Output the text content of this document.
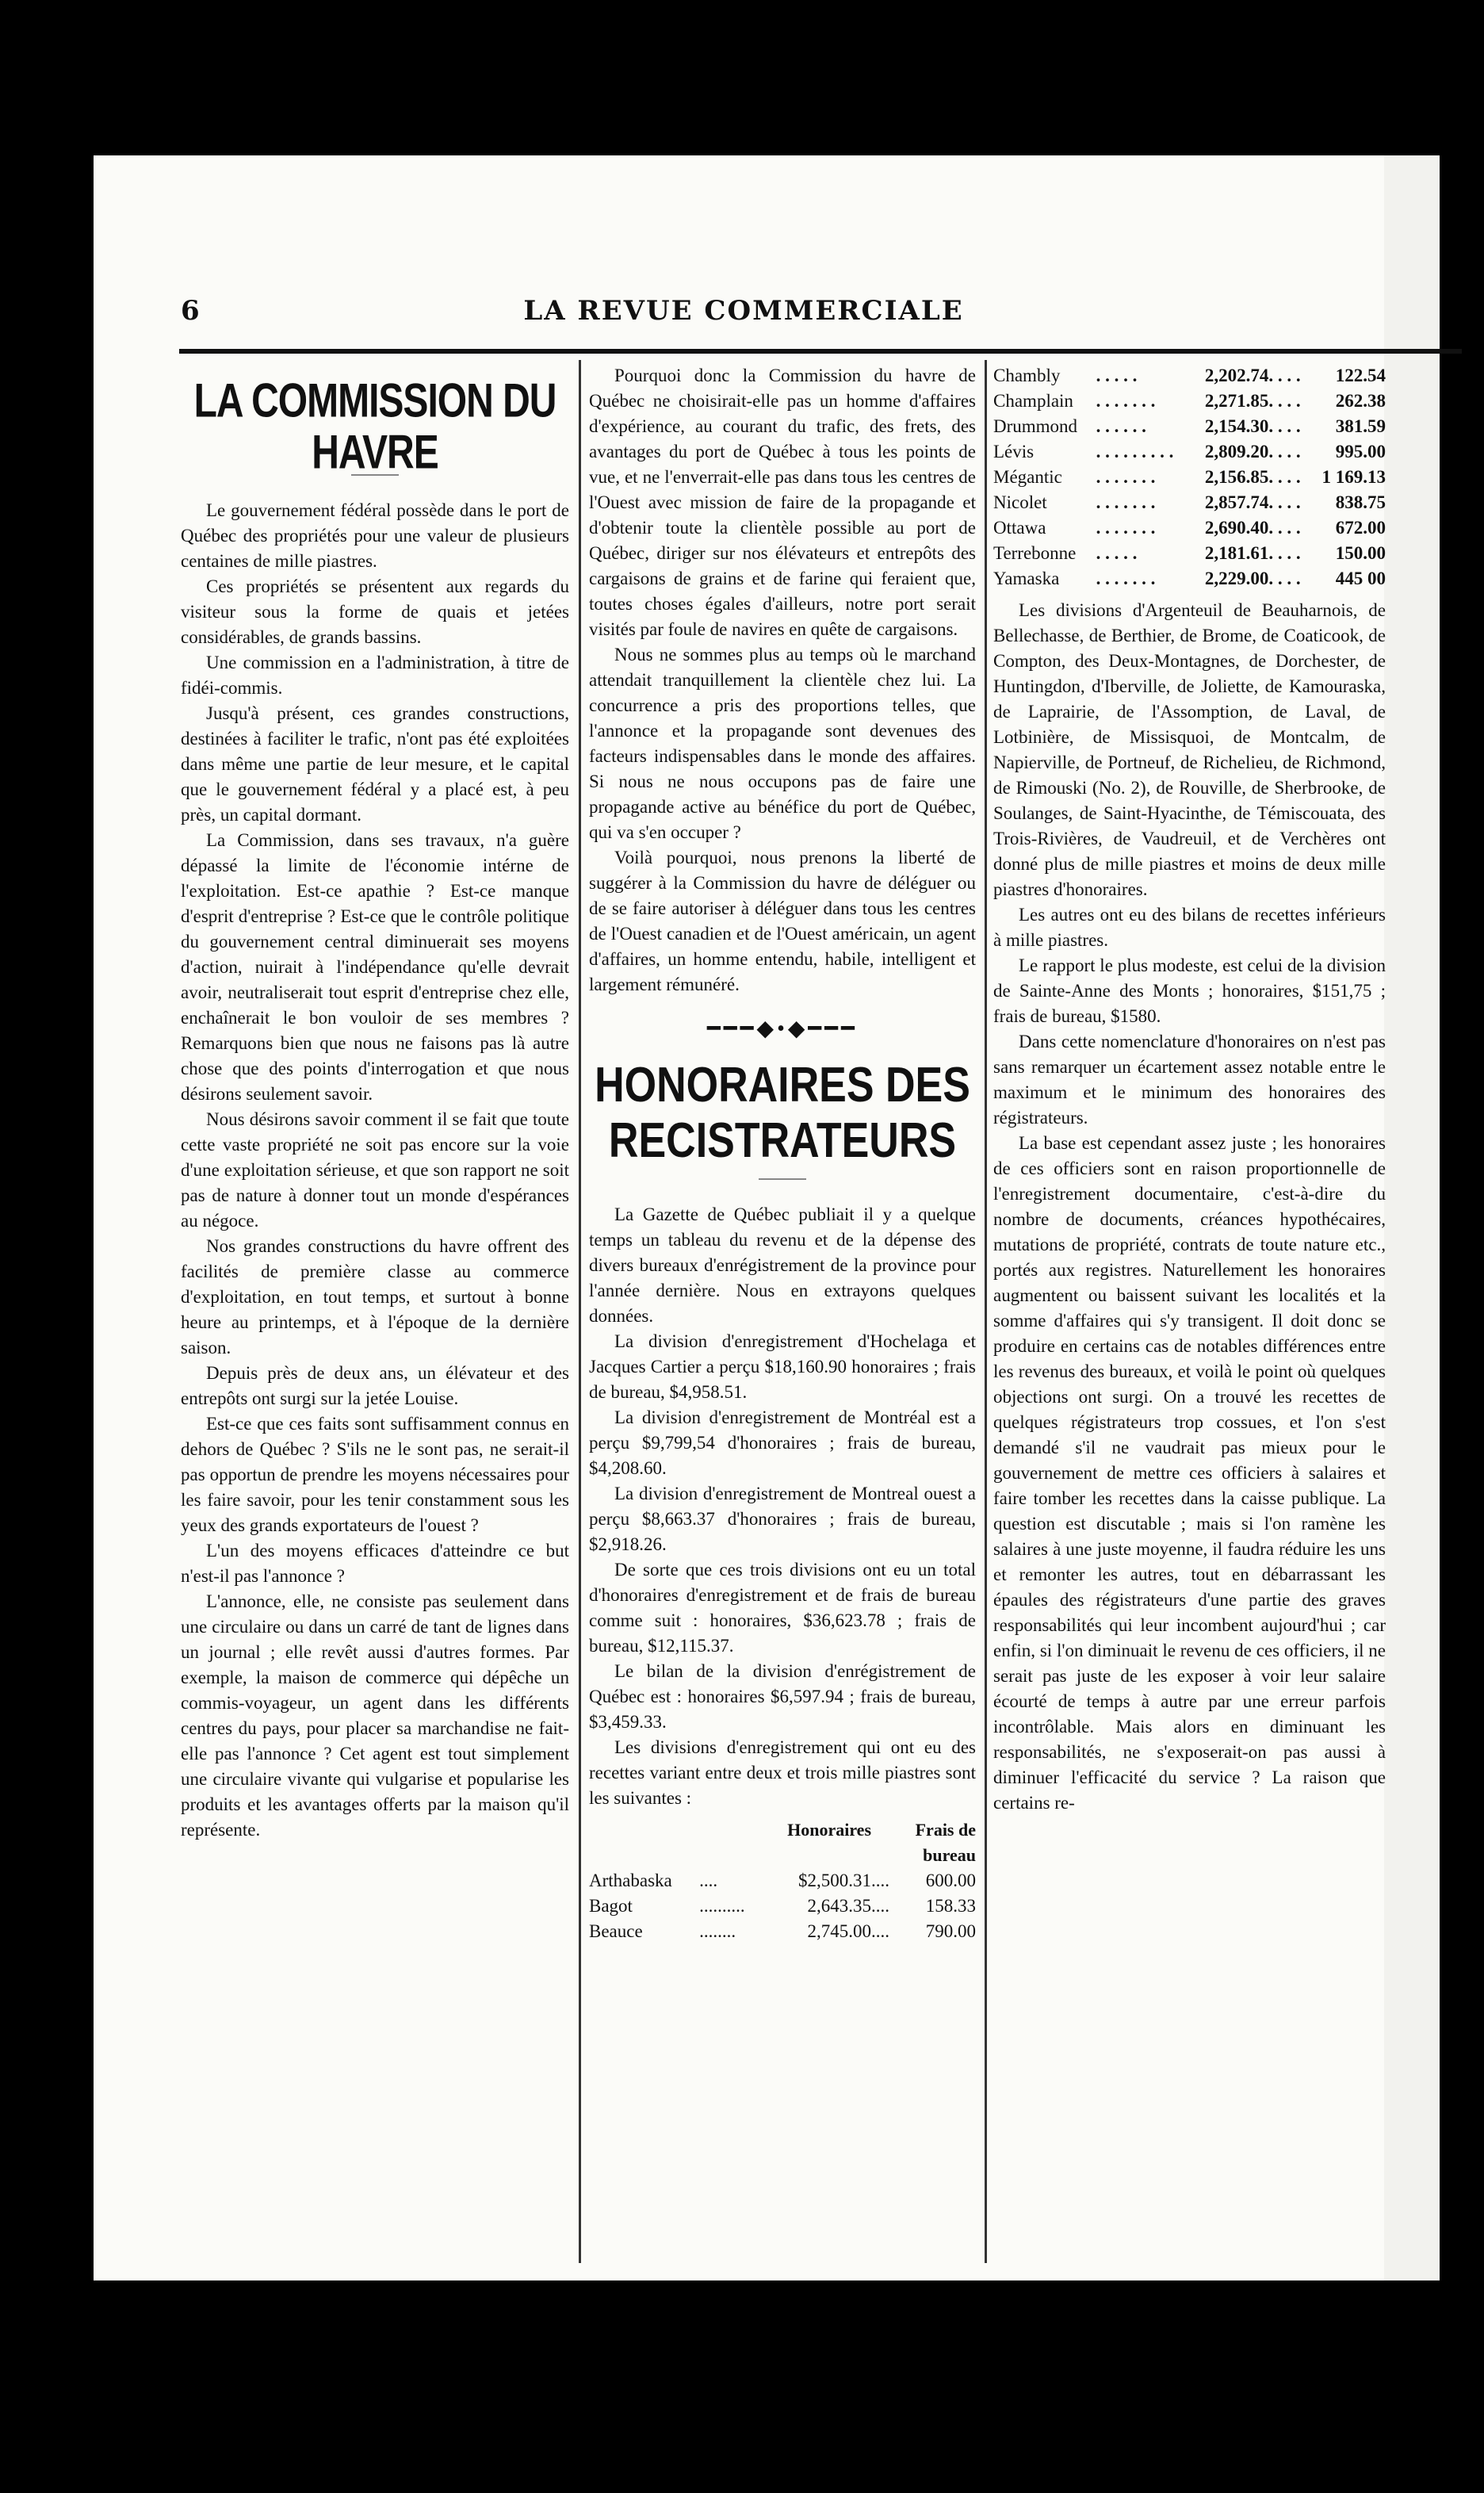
6	LA REVUE COMMERCIALE
LA COMMISSION DU HAVRE

Le gouvernement fédéral possède dans le port de Québec des propriétés pour une valeur de plusieurs centaines de mille piastres.

Ces propriétés se présentent aux regards du visiteur sous la forme de quais et jetées considérables, de grands bassins.

Une commission en a l'administration, à titre de fidéi-commis.

Jusqu'à présent, ces grandes constructions, destinées à faciliter le trafic, n'ont pas été exploitées dans même une partie de leur mesure, et le capital que le gouvernement fédéral y a placé est, à peu près, un capital dormant.

La Commission, dans ses travaux, n'a guère dépassé la limite de l'économie intérne de l'exploitation. Est-ce apathie ? Est-ce manque d'esprit d'entreprise ? Est-ce que le contrôle politique du gouvernement central diminuerait ses moyens d'action, nuirait à l'indépendance qu'elle devrait avoir, neutraliserait tout esprit d'entreprise chez elle, enchaînerait le bon vouloir de ses membres ? Remarquons bien que nous ne faisons pas là autre chose que des points d'interrogation et que nous désirons seulement savoir.

Nous désirons savoir comment il se fait que toute cette vaste propriété ne soit pas encore sur la voie d'une exploitation sérieuse, et que son rapport ne soit pas de nature à donner tout un monde d'espérances au négoce.

Nos grandes constructions du havre offrent des facilités de première classe au commerce d'exploitation, en tout temps, et surtout à bonne heure au printemps, et à l'époque de la dernière saison.

Depuis près de deux ans, un élévateur et des entrepôts ont surgi sur la jetée Louise.

Est-ce que ces faits sont suffisamment connus en dehors de Québec ? S'ils ne le sont pas, ne serait-il pas opportun de prendre les moyens nécessaires pour les faire savoir, pour les tenir constamment sous les yeux des grands exportateurs de l'ouest ?

L'un des moyens efficaces d'atteindre ce but n'est-il pas l'annonce ?

L'annonce, elle, ne consiste pas seulement dans une circulaire ou dans un carré de tant de lignes dans un journal ; elle revêt aussi d'autres formes. Par exemple, la maison de commerce qui dépêche un commis-voyageur, un agent dans les différents centres du pays, pour placer sa marchandise ne fait-elle pas l'annonce ? Cet agent est tout simplement une circulaire vivante qui vulgarise et popularise les produits et les avantages offerts par la maison qu'il représente.

Pourquoi donc la Commission du havre de Québec ne choisirait-elle pas un homme d'affaires d'expérience, au courant du trafic, des frets, des avantages du port de Québec à tous les points de vue, et ne l'enverrait-elle pas dans tous les centres de l'Ouest avec mission de faire de la propagande et d'obtenir toute la clientèle possible au port de Québec, diriger sur nos élévateurs et entrepôts des cargaisons de grains et de farine qui feraient que, toutes choses égales d'ailleurs, notre port serait visités par foule de navires en quête de cargaisons.

Nous ne sommes plus au temps où le marchand attendait tranquillement la clientèle chez lui. La concurrence a pris des proportions telles, que l'annonce et la propagande sont devenues des facteurs indispensables dans le monde des affaires. Si nous ne nous occupons pas de faire une propagande active au bénéfice du port de Québec, qui va s'en occuper ?

Voilà pourquoi, nous prenons la liberté de suggérer à la Commission du havre de déléguer ou de se faire autoriser à déléguer dans tous les centres de l'Ouest canadien et de l'Ouest américain, un agent d'affaires, un homme entendu, habile, intelligent et largement rémunéré.

━━━◆•◆━━━
HONORAIRES DES RECISTRATEURS

La Gazette de Québec publiait il y a quelque temps un tableau du revenu et de la dépense des divers bureaux d'enrégistrement de la province pour l'année dernière. Nous en extrayons quelques données.

La division d'enregistrement d'Hochelaga et Jacques Cartier a perçu $18,160.90 honoraires ; frais de bureau, $4,958.51.

La division d'enregistrement de Montréal est a perçu $9,799,54 d'honoraires ; frais de bureau, $4,208.60.

La division d'enregistrement de Montreal ouest a perçu $8,663.37 d'honoraires ; frais de bureau, $2,918.26.

De sorte que ces trois divisions ont eu un total d'honoraires d'enregistrement et de frais de bureau comme suit : honoraires, $36,623.78 ; frais de bureau, $12,115.37.

Le bilan de la division d'enrégistrement de Québec est : honoraires $6,597.94 ; frais de bureau, $3,459.33.

Les divisions d'enregistrement qui ont eu des recettes variant entre deux et trois mille piastres sont les suivantes :

		Honoraires		Frais de
				bureau
Arthabaska	....	$2,500.31	....	600.00
Bagot	..........	2,643.35	....	158.33
Beauce	........	2,745.00	....	790.00
Chambly	. . . . .	2,202.74	. . . .	122.54
Champlain	. . . . . . .	2,271.85	. . . .	262.38
Drummond	. . . . . .	2,154.30	. . . .	381.59
Lévis	. . . . . . . . .	2,809.20	. . . .	995.00
Mégantic	. . . . . . .	2,156.85	. . . .	1 169.13
Nicolet	. . . . . . .	2,857.74	. . . .	838.75
Ottawa	. . . . . . .	2,690.40	. . . .	672.00
Terrebonne	. . . . .	2,181.61	. . . .	150.00
Yamaska	. . . . . . .	2,229.00	. . . .	445 00

Les divisions d'Argenteuil de Beauharnois, de Bellechasse, de Berthier, de Brome, de Coaticook, de Compton, des Deux-Montagnes, de Dorchester, de Huntingdon, d'Iberville, de Joliette, de Kamouraska, de Laprairie, de l'Assomption, de Laval, de Lotbinière, de Missisquoi, de Montcalm, de Napierville, de Portneuf, de Richelieu, de Richmond, de Rimouski (No. 2), de Rouville, de Sherbrooke, de Soulanges, de Saint-Hyacinthe, de Témiscouata, des Trois-Rivières, de Vaudreuil, et de Verchères ont donné plus de mille piastres et moins de deux mille piastres d'honoraires.

Les autres ont eu des bilans de recettes inférieurs à mille piastres.

Le rapport le plus modeste, est celui de la division de Sainte-Anne des Monts ; honoraires, $151,75 ; frais de bureau, $1580.

Dans cette nomenclature d'honoraires on n'est pas sans remarquer un écartement assez notable entre le maximum et le minimum des honoraires des régistrateurs.

La base est cependant assez juste ; les honoraires de ces officiers sont en raison proportionnelle de l'enregistrement documentaire, c'est-à-dire du nombre de documents, créances hypothécaires, mutations de propriété, contrats de toute nature etc., portés aux registres. Naturellement les honoraires augmentent ou baissent suivant les localités et la somme d'affaires qui s'y transigent. Il doit donc se produire en certains cas de notables différences entre les revenus des bureaux, et voilà le point où quelques objections ont surgi. On a trouvé les recettes de quelques régistrateurs trop cossues, et l'on s'est demandé s'il ne vaudrait pas mieux pour le gouvernement de mettre ces officiers à salaires et faire tomber les recettes dans la caisse publique. La question est discutable ; mais si l'on ramène les salaires à une juste moyenne, il faudra réduire les uns et remonter les autres, tout en débarrassant les épaules des régistrateurs d'une partie des graves responsabilités qui leur incombent aujourd'hui ; car enfin, si l'on diminuait le revenu de ces officiers, il ne serait pas juste de les exposer à voir leur salaire écourté de temps à autre par une erreur parfois incontrôlable. Mais alors en diminuant les responsabilités, ne s'exposerait-on pas aussi à diminuer l'efficacité du service ? La raison que certains re-
